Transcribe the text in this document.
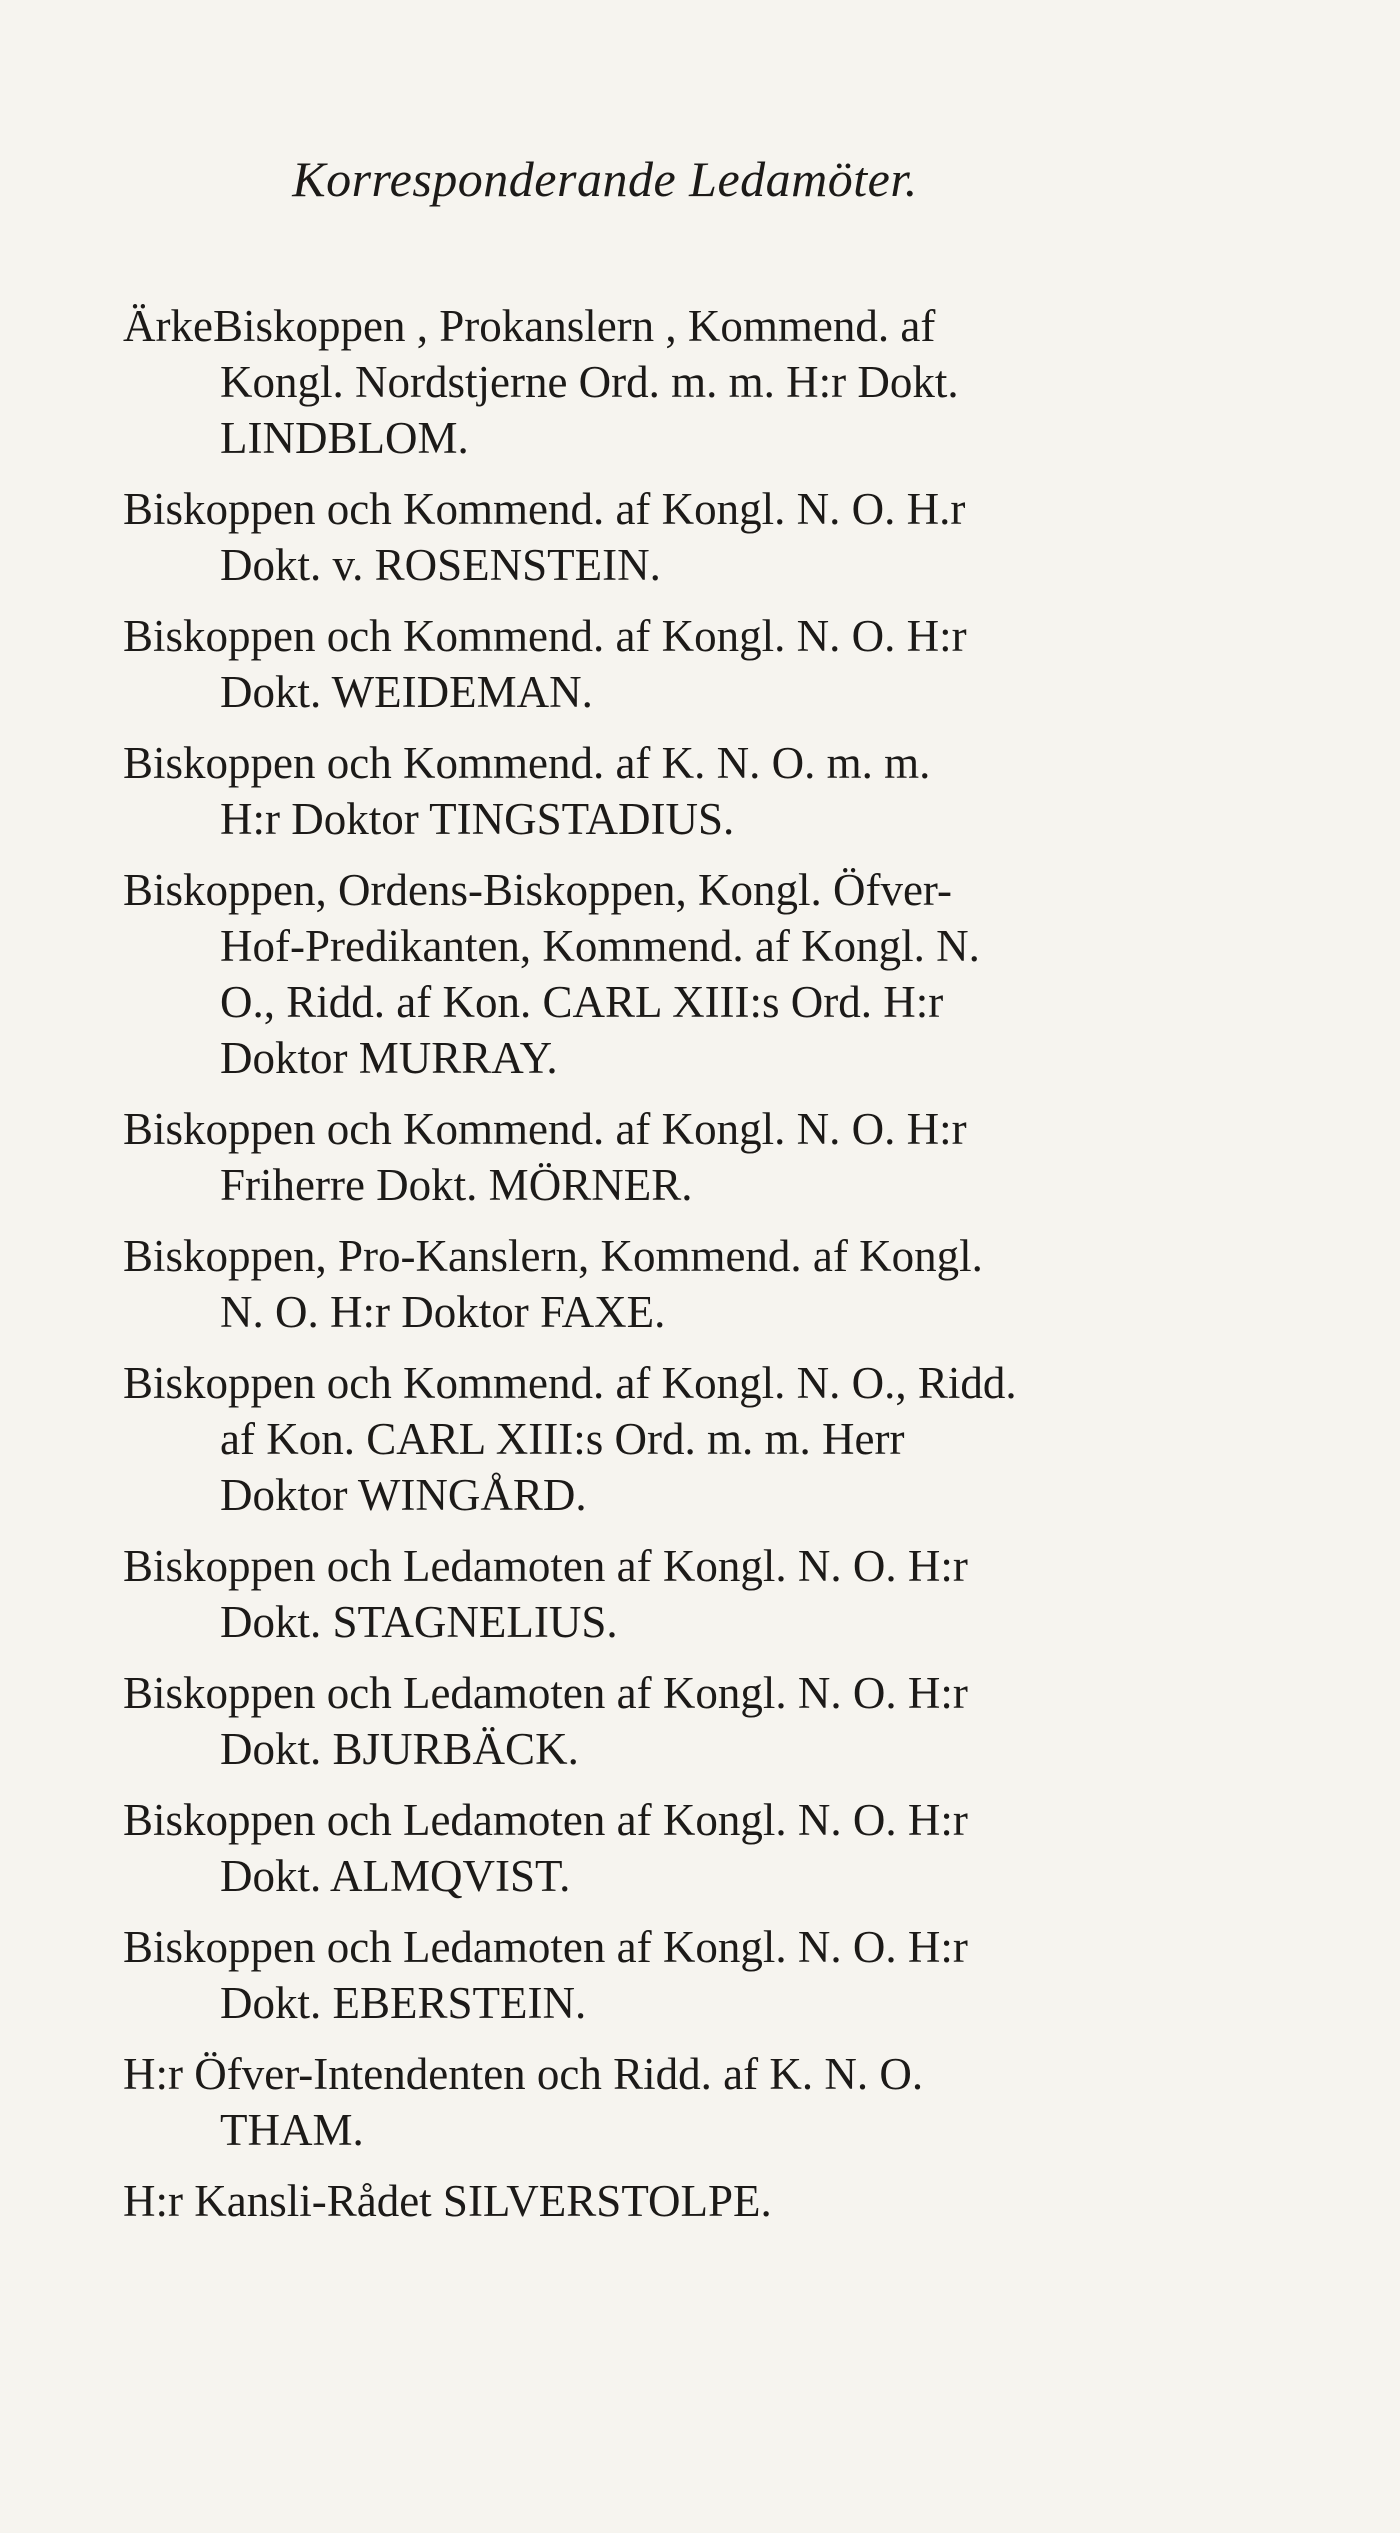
Korresponderande Ledamöter.
ÄrkeBiskoppen , Prokanslern , Kommend. af
Kongl. Nordstjerne Ord. m. m. H:r Dokt.
LINDBLOM.
Biskoppen och Kommend. af Kongl. N. O. H.r
Dokt. v. ROSENSTEIN.
Biskoppen och Kommend. af Kongl. N. O. H:r
Dokt. WEIDEMAN.
Biskoppen och Kommend. af K. N. O. m. m.
H:r Doktor TINGSTADIUS.
Biskoppen, Ordens-Biskoppen, Kongl. Öfver-
Hof-Predikanten, Kommend. af Kongl. N.
O., Ridd. af Kon. CARL XIII:s Ord. H:r
Doktor MURRAY.
Biskoppen och Kommend. af Kongl. N. O. H:r
Friherre Dokt. MÖRNER.
Biskoppen, Pro-Kanslern, Kommend. af Kongl.
N. O. H:r Doktor FAXE.
Biskoppen och Kommend. af Kongl. N. O., Ridd.
af Kon. CARL XIII:s Ord. m. m. Herr
Doktor WINGÅRD.
Biskoppen och Ledamoten af Kongl. N. O. H:r
Dokt. STAGNELIUS.
Biskoppen och Ledamoten af Kongl. N. O. H:r
Dokt. BJURBÄCK.
Biskoppen och Ledamoten af Kongl. N. O. H:r
Dokt. ALMQVIST.
Biskoppen och Ledamoten af Kongl. N. O. H:r
Dokt. EBERSTEIN.
H:r Öfver-Intendenten och Ridd. af K. N. O.
THAM.
H:r Kansli-Rådet SILVERSTOLPE.
